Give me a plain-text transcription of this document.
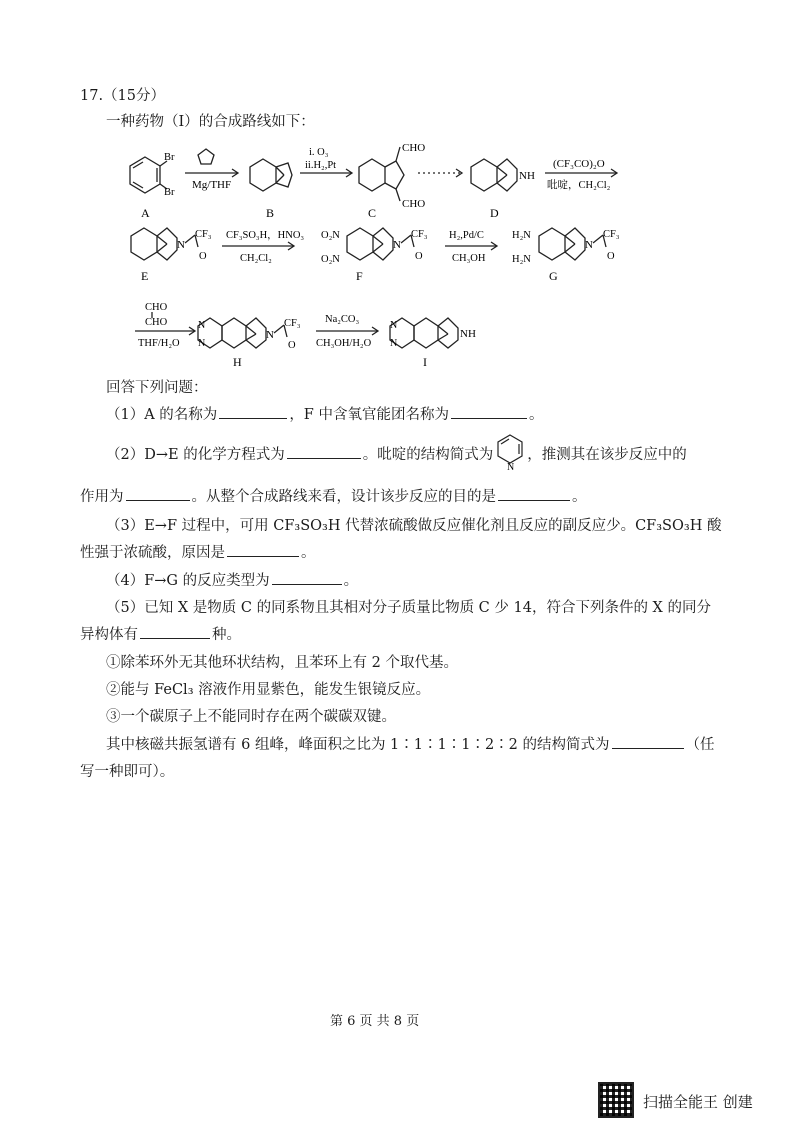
17.（15分）
一种药物（I）的合成路线如下：
Br
Br
A
Mg/THF
B
i. O₃
ii.H₂,Pt
CHO
CHO
C
NH
D
(CF₃CO)₂O
吡啶，CH₂Cl₂
N
CF₃
O
E
CF₃SO₃H，HNO₃
CH₂Cl₂
O₂N
O₂N
N
CF₃
O
F
H₂,Pd/C
CH₃OH
H₂N
H₂N
N
CF₃
O
G
CHO
CHO
THF/H₂O
N
N
N
CF₃
O
H
Na₂CO₃
CH₃OH/H₂O
N
N
NH
I
回答下列问题：
（1）A 的名称为	，F 中含氧官能团名称为	。
（2）D→E 的化学方程式为	。吡啶的结构简式为
N
，推测其在该步反应中的
作用为	。从整个合成路线来看，设计该步反应的目的是	。
（3）E→F 过程中，可用 CF₃SO₃H 代替浓硫酸做反应催化剂且反应的副反应少。CF₃SO₃H 酸
性强于浓硫酸，原因是	。
（4）F→G 的反应类型为	。
（5）已知 X 是物质 C 的同系物且其相对分子质量比物质 C 少 14，符合下列条件的 X 的同分
异构体有	种。
①除苯环外无其他环状结构，且苯环上有 2 个取代基。
②能与 FeCl₃ 溶液作用显紫色，能发生银镜反应。
③一个碳原子上不能同时存在两个碳碳双键。
其中核磁共振氢谱有 6 组峰，峰面积之比为 1∶1∶1∶1∶2∶2 的结构简式为	（任
写一种即可）。
第 6 页 共 8 页
扫描全能王 创建
